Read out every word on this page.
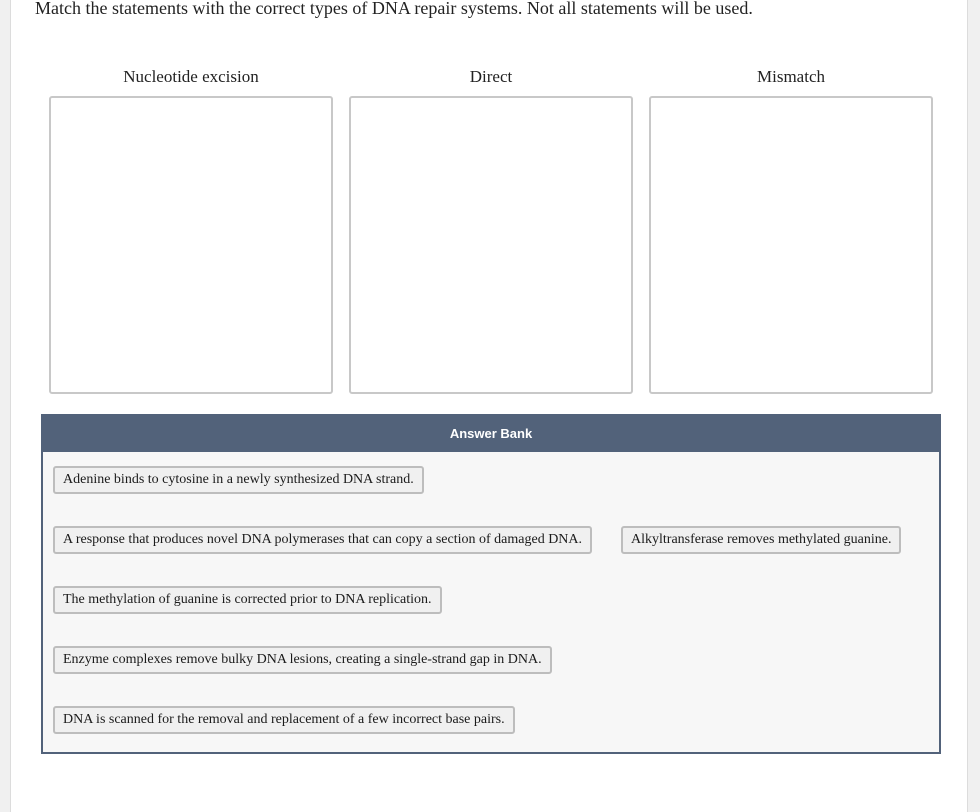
Match the statements with the correct types of DNA repair systems. Not all statements will be used.

Nucleotide excision	Direct	Mismatch
Answer Bank
Adenine binds to cytosine in a newly synthesized DNA strand.
A response that produces novel DNA polymerases that can copy a section of damaged DNA.	Alkyltransferase removes methylated guanine.
The methylation of guanine is corrected prior to DNA replication.
Enzyme complexes remove bulky DNA lesions, creating a single-strand gap in DNA.
DNA is scanned for the removal and replacement of a few incorrect base pairs.
